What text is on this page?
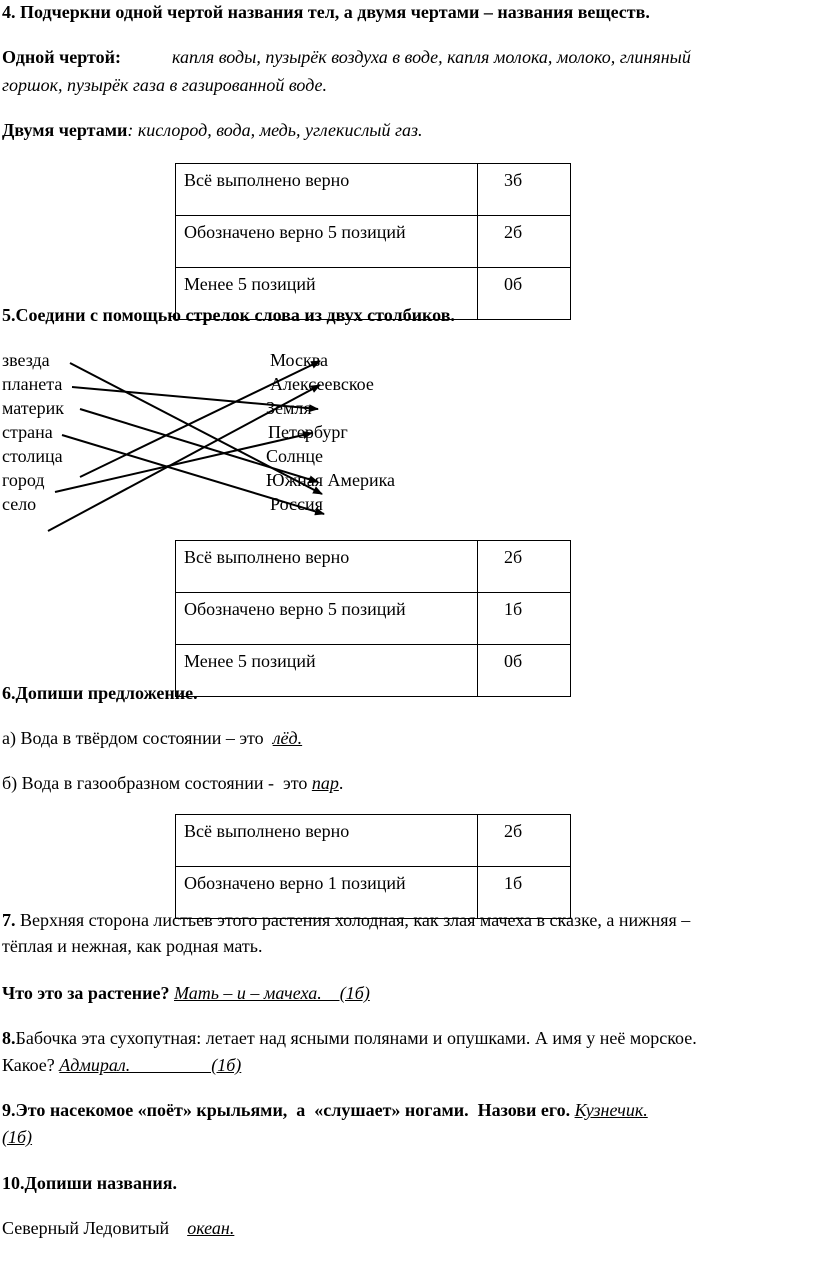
4. Подчеркни одной чертой названия тел, а двумя чертами – названия веществ.
Одной чертой:	капля воды, пузырёк воздуха в воде, капля молока, молоко, глиняный
горшок, пузырёк газа в газированной воде.
Двумя чертами: кислород, вода, медь, углекислый газ.
Всё выполнено верно	3б
Обозначено верно 5 позиций	2б
Менее 5 позиций	0б
5.Соедини с помощью стрелок слова из двух столбиков.
звезда
планета
материк
страна
столица
город
село
Москва
Алексеевское
Земля
Петербург
Солнце
Южная Америка
Россия
Всё выполнено верно	2б
Обозначено верно 5 позиций	1б
Менее 5 позиций	0б
6.Допиши предложение.
а) Вода в твёрдом состоянии – это  лёд.
б) Вода в газообразном состоянии -  это пар.
Всё выполнено верно	2б
Обозначено верно 1 позиций	1б
7. Верхняя сторона листьев этого растения холодная, как злая мачеха в сказке, а нижняя –
тёплая и нежная, как родная мать.
Что это за растение? Мать – и – мачеха.    (1б)
8.Бабочка эта сухопутная: летает над ясными полянами и опушками. А имя у неё морское.
Какое? Адмирал.                  (1б)
9.Это насекомое «поёт» крыльями,  а  «слушает» ногами.  Назови его. Кузнечик.
(1б)
10.Допиши названия.
Северный Ледовитый    океан.
